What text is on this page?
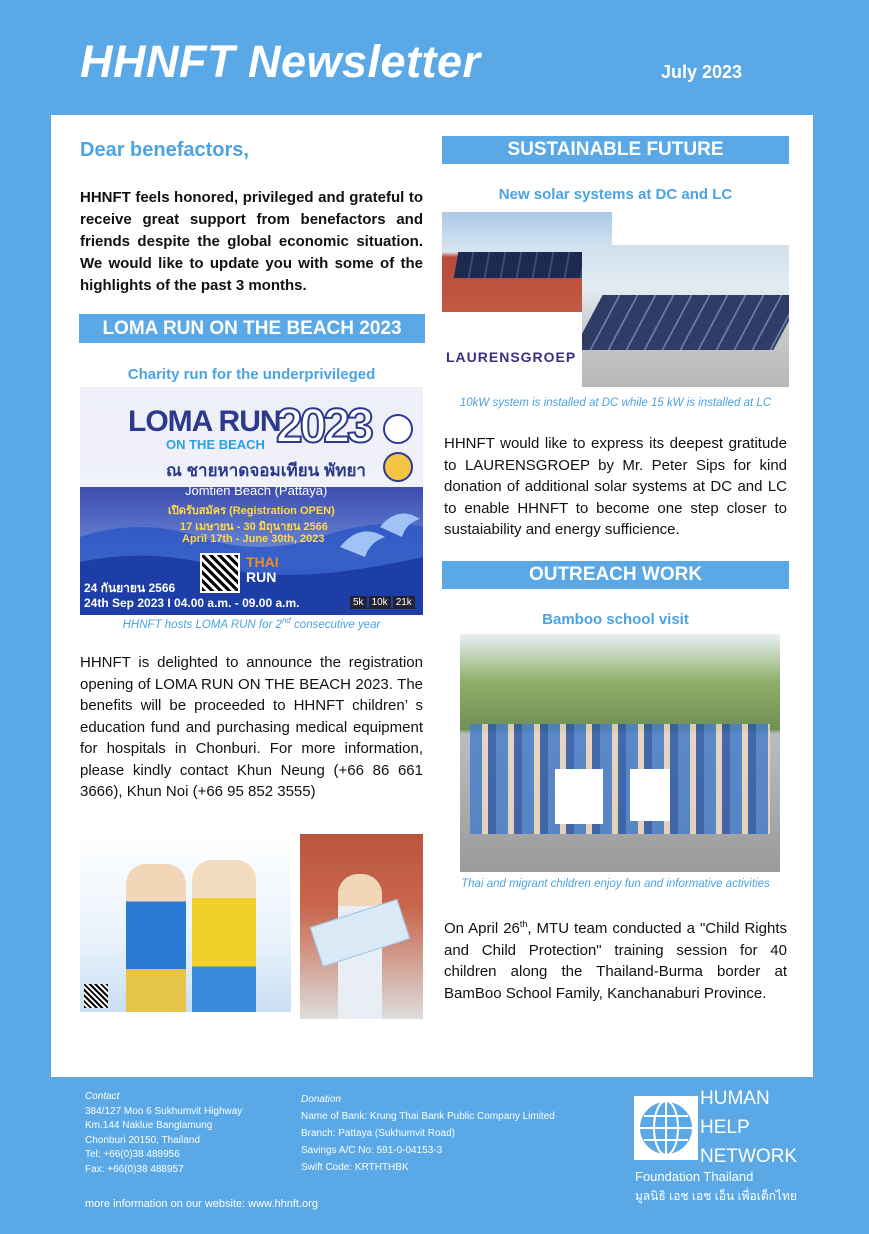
HHNFT Newsletter	July 2023
Dear benefactors,
HHNFT feels honored, privileged and grateful to receive great support from benefactors and friends despite the global economic situation. We would like to update you with some of the highlights of the past 3 months.
LOMA RUN ON THE BEACH 2023
Charity run for the underprivileged
LOMA RUN
ON THE BEACH 2023
ณ ชายหาดจอมเทียน พัทยา
Jomtien Beach (Pattaya)
เปิดรับสมัคร (Registration OPEN)
17 เมษายน - 30 มิถุนายน 2566
April 17th - June 30th, 2023
THAI
RUN
24 กันยายน 2566
24th Sep 2023 I 04.00 a.m. - 09.00 a.m.	5k 10k 21k
HHNFT hosts LOMA RUN for 2nd consecutive year
HHNFT is delighted to announce the registration opening of LOMA RUN ON THE BEACH 2023. The benefits will be proceeded to HHNFT children’ s education fund and purchasing medical equipment for hospitals in Chonburi. For more information, please kindly contact Khun Neung (+66 86 661 3666), Khun Noi (+66 95 852 3555)
SUSTAINABLE FUTURE
New solar systems at DC and LC
LAURENSGROEP
10kW system is installed at DC while 15 kW is installed at LC
HHNFT would like to express its deepest gratitude to LAURENSGROEP by Mr. Peter Sips for kind donation of additional solar systems at DC and LC to enable HHNFT to become one step closer to sustaiability and energy sufficience.
OUTREACH WORK
Bamboo school visit
Thai and migrant children enjoy fun and informative activities
On April 26th, MTU team conducted a "Child Rights and Child Protection" training session for 40 children along the Thailand-Burma border at BamBoo School Family, Kanchanaburi Province.
Contact
384/127 Moo 6 Sukhumvit Highway
Km.144 Naklue Banglamung
Chonburi 20150, Thailand
Tel: +66(0)38 488956
Fax: +66(0)38 488957
Donation
Name of Bank: Krung Thai Bank Public Company Limited
Branch: Pattaya (Sukhumvit Road)
Savings A/C No: 591-0-04153-3
Swift Code: KRTHTHBK
more information on our website: www.hhnft.org
HUMAN
HELP
NETWORK
Foundation Thailand
มูลนิธิ เอช เอช เอ็น เพื่อเด็กไทย
